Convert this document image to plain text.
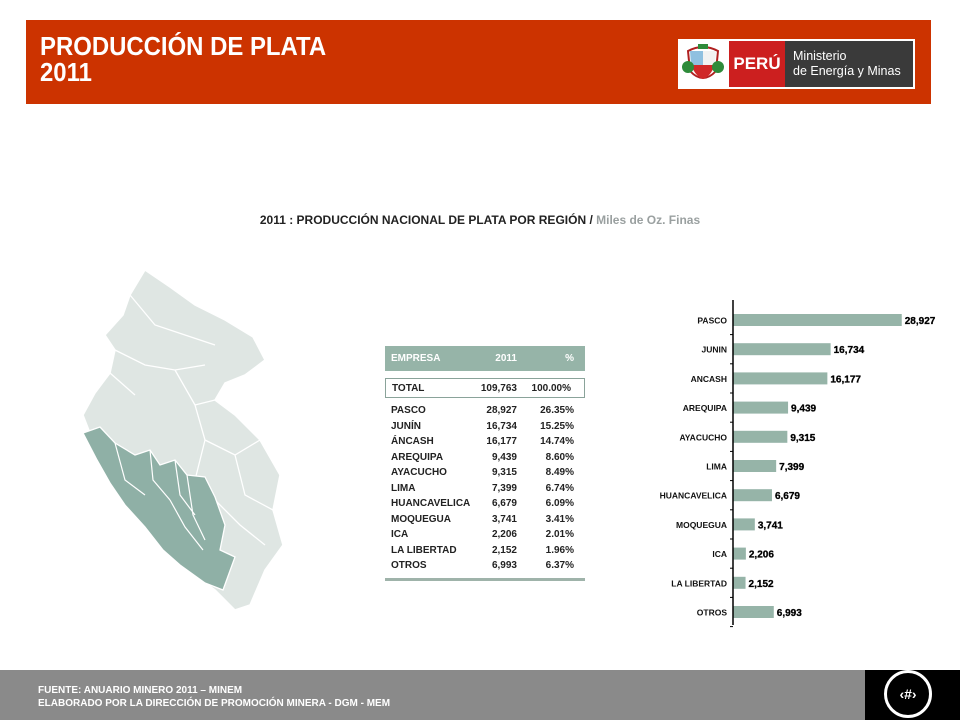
PRODUCCIÓN DE PLATA
2011	PERÚ Ministerio
de Energía y Minas
2011 : PRODUCCIÓN NACIONAL DE PLATA POR REGIÓN / Miles de Oz. Finas
EMPRESA	2011	%
TOTAL	109,763 100.00%
PASCO	28,927 26.35%
JUNÍN	16,734 15.25%
ÁNCASH	16,177 14.74%
AREQUIPA	9,439	8.60%
AYACUCHO	9,315	8.49%
LIMA	7,399	6.74%
HUANCAVELICA 6,679	6.09%
MOQUEGUA	3,741	3.41%
ICA	2,206	2.01%
LA LIBERTAD	2,152	1.96%
OTROS	6,993	6.37%
PASCO	28,927
JUNIN	16,734
ANCASH	16,177
AREQUIPA	9,439
AYACUCHO	9,315
LIMA	7,399
HUANCAVELICA	6,679
MOQUEGUA	3,741
ICA 2,206
LA LIBERTAD 2,152
OTROS	6,993
FUENTE: ANUARIO MINERO 2011 – MINEM
ELABORADO POR LA DIRECCIÓN DE PROMOCIÓN MINERA - DGM - MEM
‹#›
